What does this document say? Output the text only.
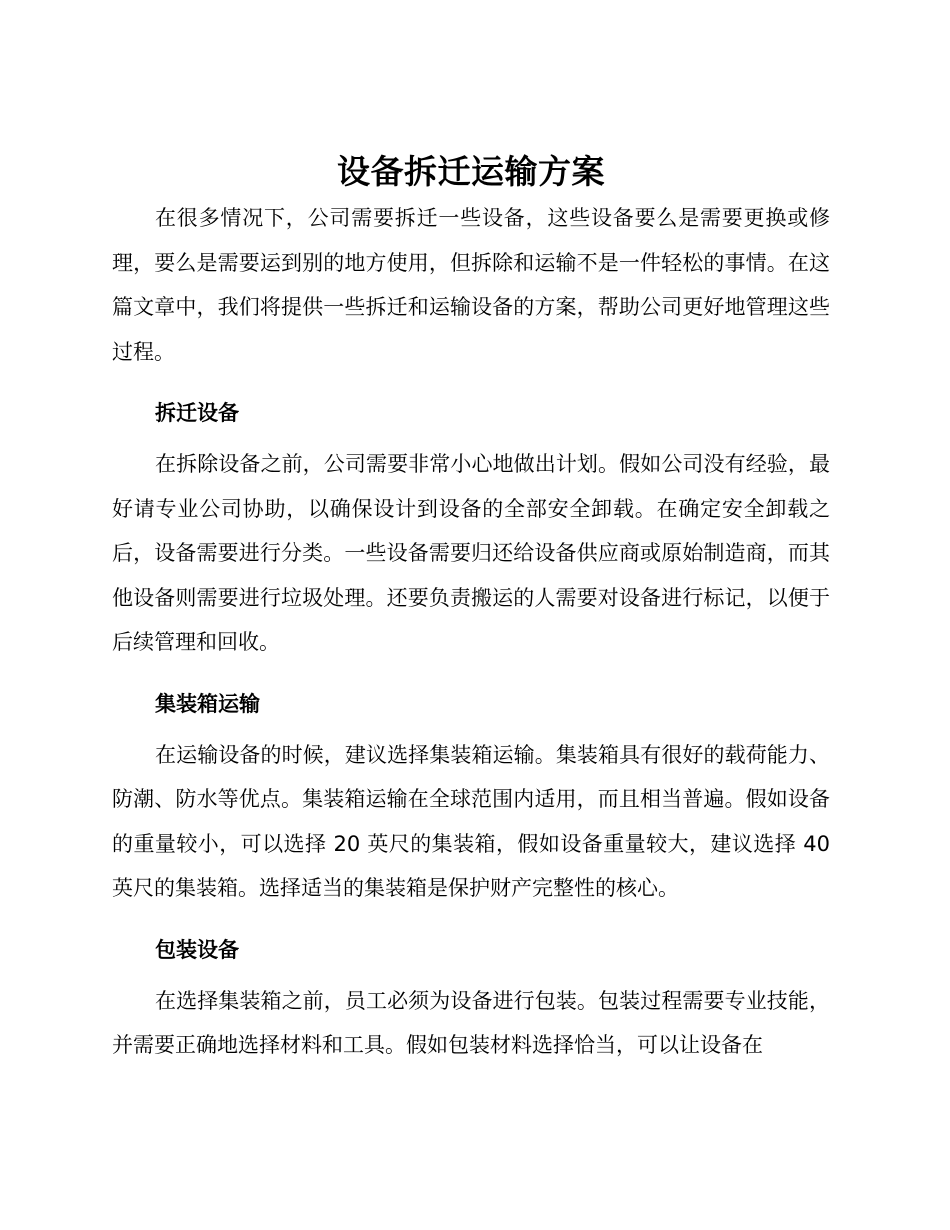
设备拆迁运输方案

在很多情况下，公司需要拆迁一些设备，这些设备要么是需要更换或修理，要么是需要运到别的地方使用，但拆除和运输不是一件轻松的事情。在这篇文章中，我们将提供一些拆迁和运输设备的方案，帮助公司更好地管理这些过程。

拆迁设备

在拆除设备之前，公司需要非常小心地做出计划。假如公司没有经验，最好请专业公司协助，以确保设计到设备的全部安全卸载。在确定安全卸载之后，设备需要进行分类。一些设备需要归还给设备供应商或原始制造商，而其他设备则需要进行垃圾处理。还要负责搬运的人需要对设备进行标记，以便于后续管理和回收。

集装箱运输

在运输设备的时候，建议选择集装箱运输。集装箱具有很好的载荷能力、防潮、防水等优点。集装箱运输在全球范围内适用，而且相当普遍。假如设备的重量较小，可以选择 20 英尺的集装箱，假如设备重量较大，建议选择 40 英尺的集装箱。选择适当的集装箱是保护财产完整性的核心。

包装设备

在选择集装箱之前，员工必须为设备进行包装。包装过程需要专业技能，并需要正确地选择材料和工具。假如包装材料选择恰当，可以让设备在
